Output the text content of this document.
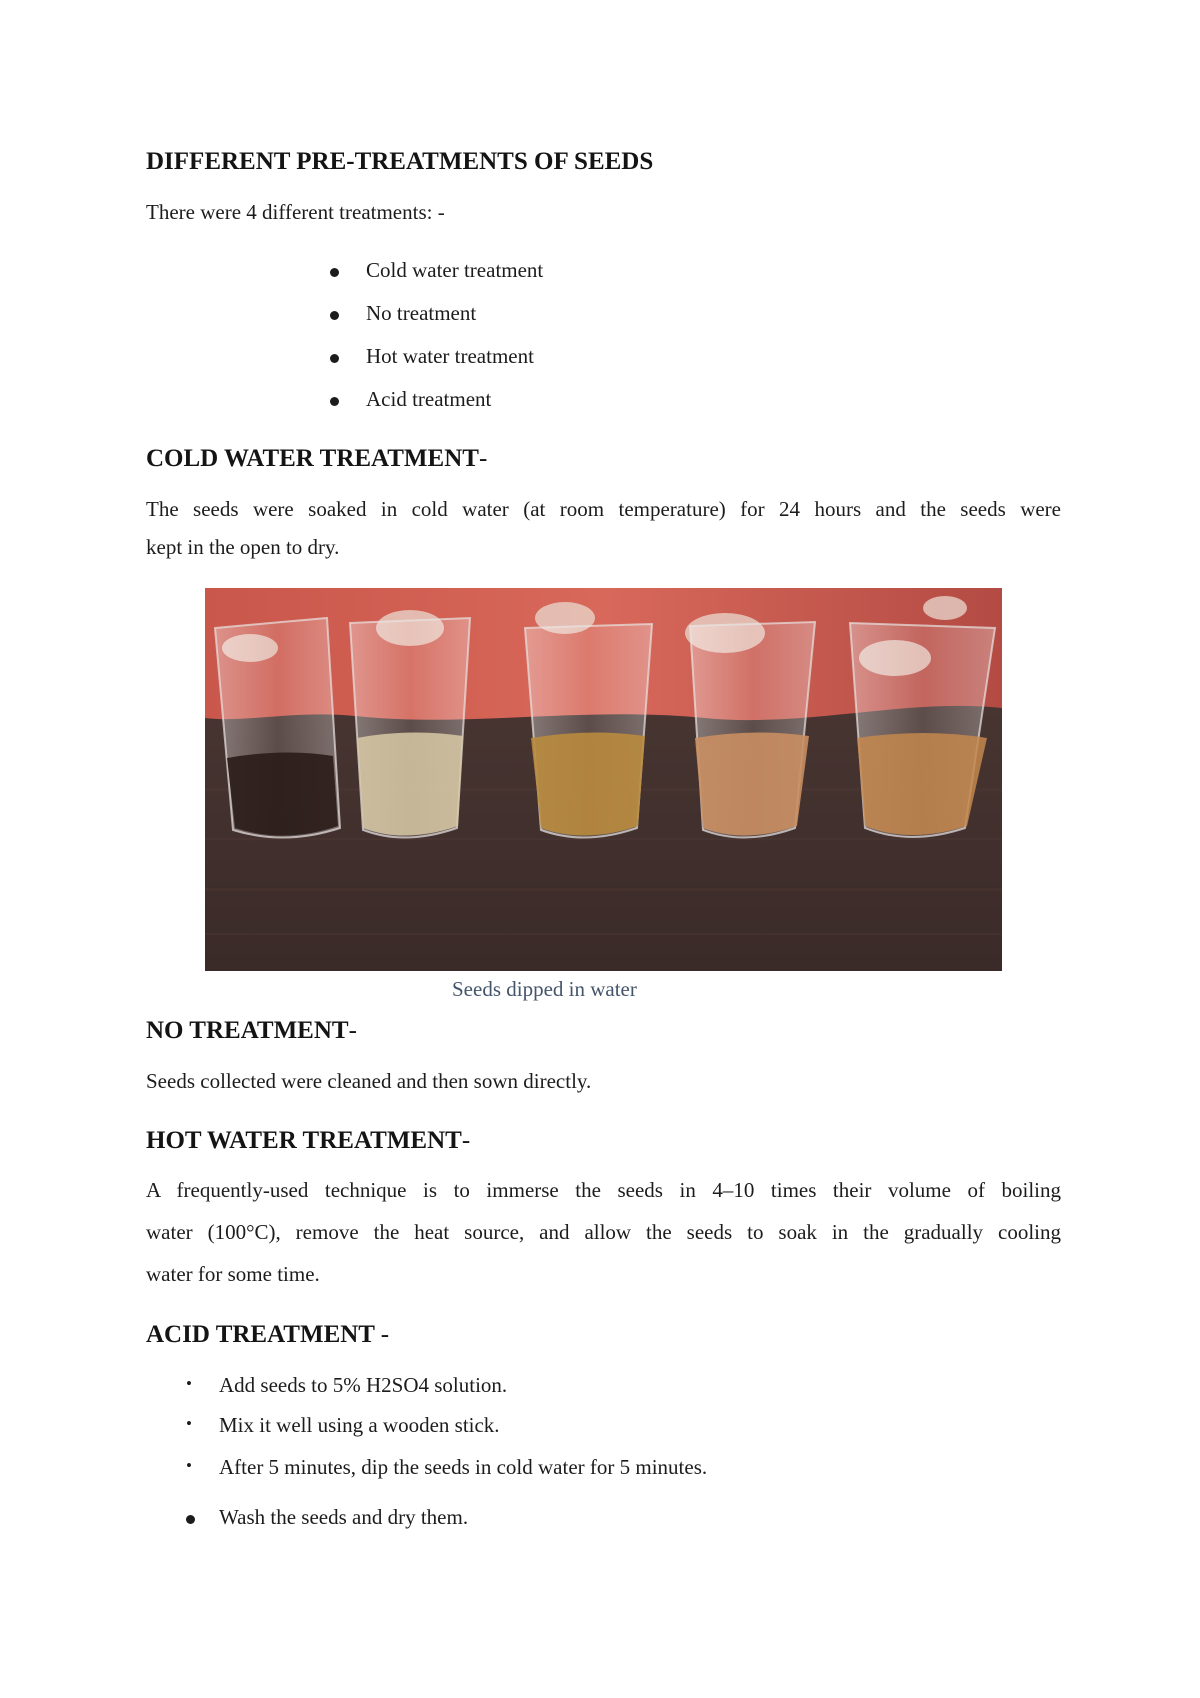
DIFFERENT PRE-TREATMENTS OF SEEDS

There were 4 different treatments: -

Cold water treatment

No treatment

Hot water treatment

Acid treatment

COLD WATER TREATMENT-

The seeds were soaked in cold water (at room temperature) for 24 hours and the seeds were

kept in the open to dry.

Seeds dipped in water

NO TREATMENT-

Seeds collected were cleaned and then sown directly.

HOT WATER TREATMENT-

A frequently-used technique is to immerse the seeds in 4–10 times their volume of boiling

water (100°C), remove the heat source, and allow the seeds to soak in the gradually cooling

water for some time.

ACID TREATMENT -

• Add seeds to 5% H2SO4 solution.

• Mix it well using a wooden stick.

• After 5 minutes, dip the seeds in cold water for 5 minutes.

Wash the seeds and dry them.
